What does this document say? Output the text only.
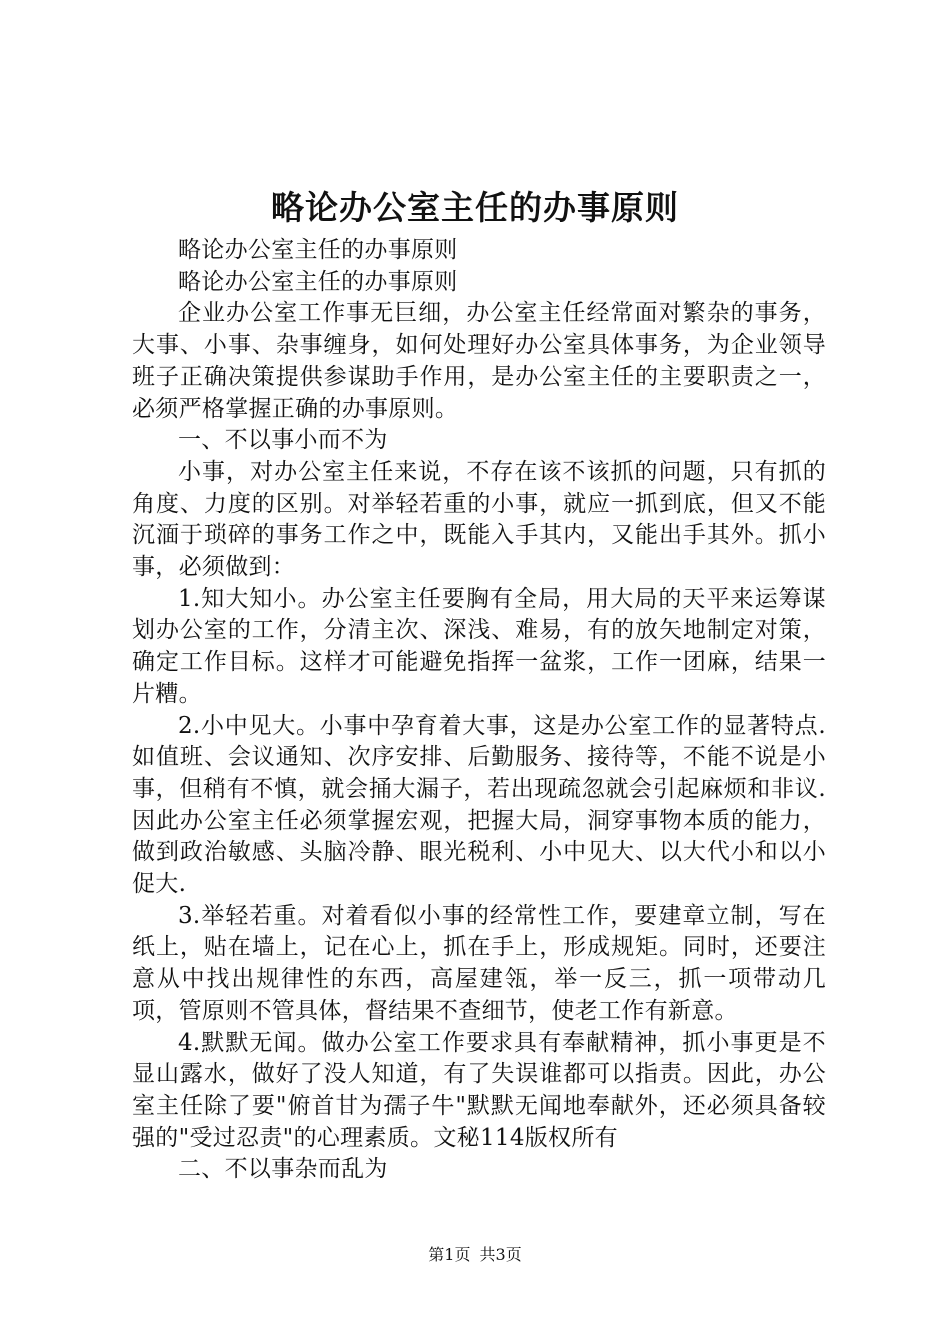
略论办公室主任的办事原则

略论办公室主任的办事原则

略论办公室主任的办事原则

企业办公室工作事无巨细，办公室主任经常面对繁杂的事务，大事、小事、杂事缠身，如何处理好办公室具体事务，为企业领导班子正确决策提供参谋助手作用，是办公室主任的主要职责之一，必须严格掌握正确的办事原则。

一、不以事小而不为

小事，对办公室主任来说，不存在该不该抓的问题，只有抓的角度、力度的区别。对举轻若重的小事，就应一抓到底，但又不能沉湎于琐碎的事务工作之中，既能入手其内，又能出手其外。抓小事，必须做到：

1.知大知小。办公室主任要胸有全局，用大局的天平来运筹谋划办公室的工作，分清主次、深浅、难易，有的放矢地制定对策，确定工作目标。这样才可能避免指挥一盆浆，工作一团麻，结果一片糟。

2.小中见大。小事中孕育着大事，这是办公室工作的显著特点.如值班、会议通知、次序安排、后勤服务、接待等，不能不说是小事，但稍有不慎，就会捅大漏子，若出现疏忽就会引起麻烦和非议.因此办公室主任必须掌握宏观，把握大局，洞穿事物本质的能力，做到政治敏感、头脑冷静、眼光税利、小中见大、以大代小和以小促大.

3.举轻若重。对着看似小事的经常性工作，要建章立制，写在纸上，贴在墙上，记在心上，抓在手上，形成规矩。同时，还要注意从中找出规律性的东西，高屋建瓴，举一反三，抓一项带动几项，管原则不管具体，督结果不查细节，使老工作有新意。

4.默默无闻。做办公室工作要求具有奉献精神，抓小事更是不显山露水，做好了没人知道，有了失误谁都可以指责。因此，办公室主任除了要"俯首甘为孺子牛"默默无闻地奉献外，还必须具备较强的"受过忍责"的心理素质。文秘114版权所有

二、不以事杂而乱为

第1页 共3页
